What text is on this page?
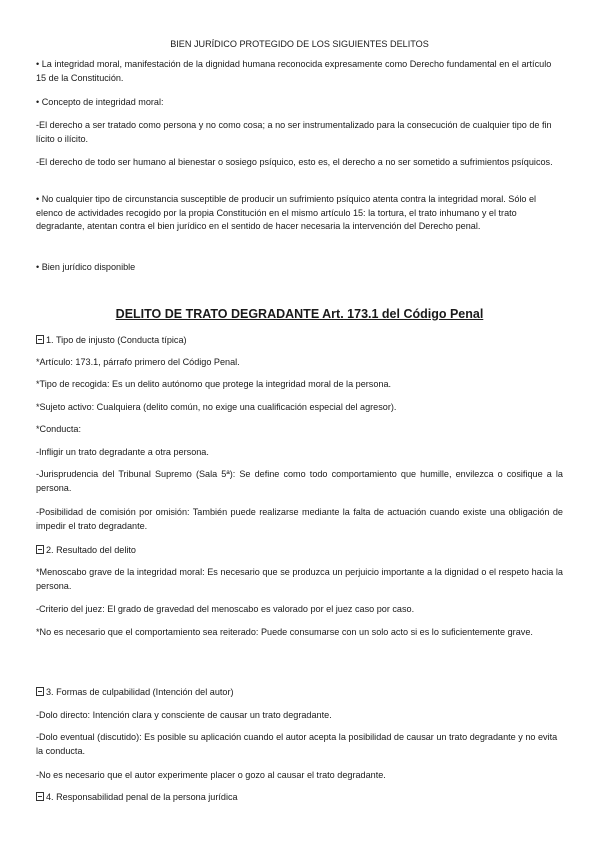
BIEN JURÍDICO PROTEGIDO DE LOS SIGUIENTES DELITOS

• La integridad moral, manifestación de la dignidad humana reconocida expresamente como Derecho fundamental en el artículo 15 de la Constitución.

• Concepto de integridad moral:

-El derecho a ser tratado como persona y no como cosa; a no ser instrumentalizado para la consecución de cualquier tipo de fin lícito o ilícito.

-El derecho de todo ser humano al bienestar o sosiego psíquico, esto es, el derecho a no ser sometido a sufrimientos psíquicos.

• No cualquier tipo de circunstancia susceptible de producir un sufrimiento psíquico atenta contra la integridad moral. Sólo el elenco de actividades recogido por la propia Constitución en el mismo artículo 15: la tortura, el trato inhumano y el trato degradante, atentan contra el bien jurídico en el sentido de hacer necesaria la intervención del Derecho penal.

• Bien jurídico disponible

DELITO DE TRATO DEGRADANTE Art. 173.1 del Código Penal

1. Tipo de injusto (Conducta típica)

*Artículo: 173.1, párrafo primero del Código Penal.

*Tipo de recogida: Es un delito autónomo que protege la integridad moral de la persona.

*Sujeto activo: Cualquiera (delito común, no exige una cualificación especial del agresor).

*Conducta:

-Infligir un trato degradante a otra persona.

-Jurisprudencia del Tribunal Supremo (Sala 5ª): Se define como todo comportamiento que humille, envilezca o cosifique a la persona.

-Posibilidad de comisión por omisión: También puede realizarse mediante la falta de actuación cuando existe una obligación de impedir el trato degradante.

2. Resultado del delito

*Menoscabo grave de la integridad moral: Es necesario que se produzca un perjuicio importante a la dignidad o el respeto hacia la persona.

-Criterio del juez: El grado de gravedad del menoscabo es valorado por el juez caso por caso.

*No es necesario que el comportamiento sea reiterado: Puede consumarse con un solo acto si es lo suficientemente grave.

3. Formas de culpabilidad (Intención del autor)

-Dolo directo: Intención clara y consciente de causar un trato degradante.

-Dolo eventual (discutido): Es posible su aplicación cuando el autor acepta la posibilidad de causar un trato degradante y no evita la conducta.

-No es necesario que el autor experimente placer o gozo al causar el trato degradante.

4. Responsabilidad penal de la persona jurídica
